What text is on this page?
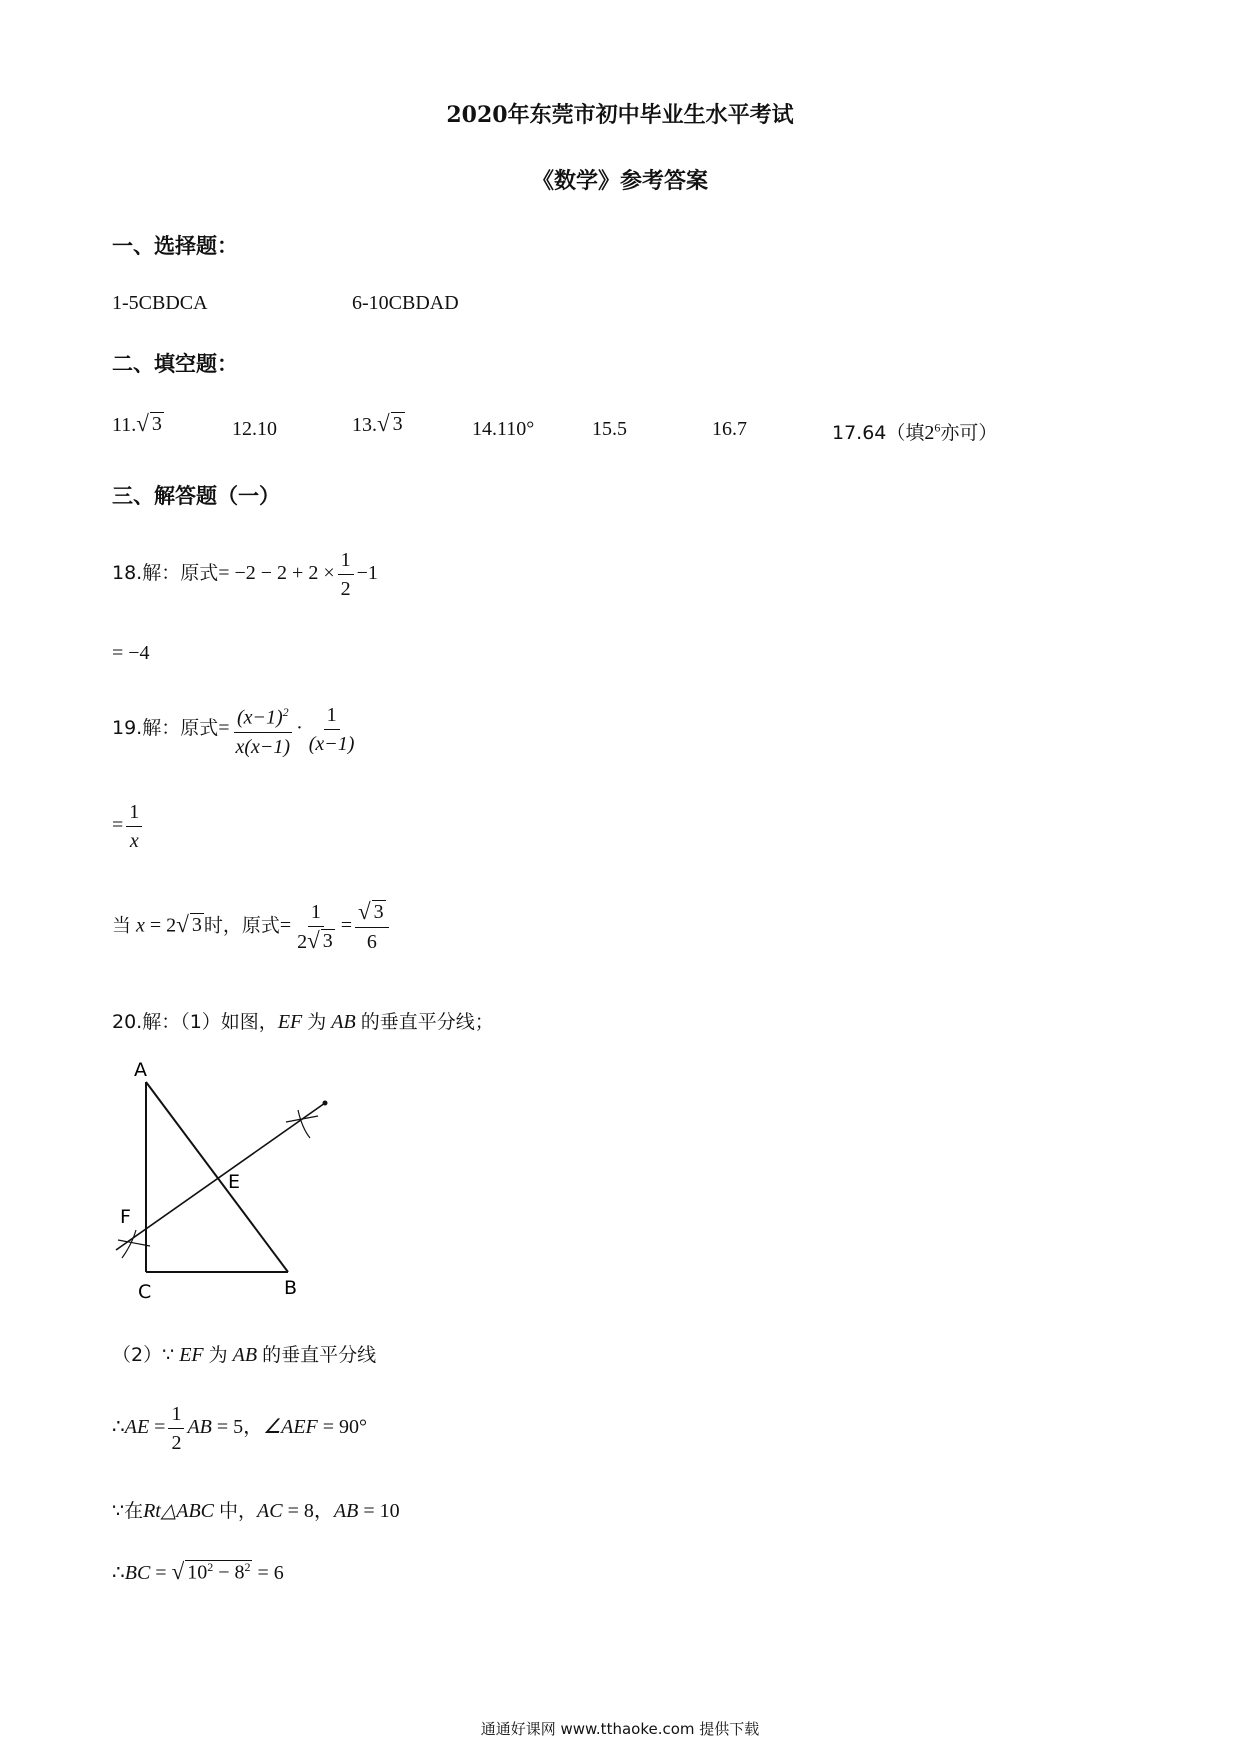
2020年东莞市初中毕业生水平考试
《数学》参考答案
一、选择题：
1-5CBDCA	6-10CBDAD
二、填空题：
11. √ 3	12.10	13. √ 3	14.110°	15.5	16.7	17.64（填$2^6$亦可）
三、解答题（一）
18.解：原式= $-2 - 2 + 2 \times \frac{1}{2} -1$
= −4
19.解：原式= $\frac{(x-1)^2}{x(x-1)} \cdot \frac{1}{(x-1)}$
= $\frac{1}{x}$
当 x = 2 √ 3 时，原式= $\frac{1}{2 √ 3} = \frac{√ 3}{6}$
20.解：（1）如图，EF 为 AB 的垂直平分线；
A
C	B
E
F
（2）∵ EF 为 AB 的垂直平分线
∴AE = $\frac{1}{2}$ AB = 5，∠AEF = 90°
∵在Rt△ABC 中，AC = 8，AB = 10
∴BC = √ $10^2 - 8^2 = 6$
通通好课网 www.tthaoke.com 提供下载
